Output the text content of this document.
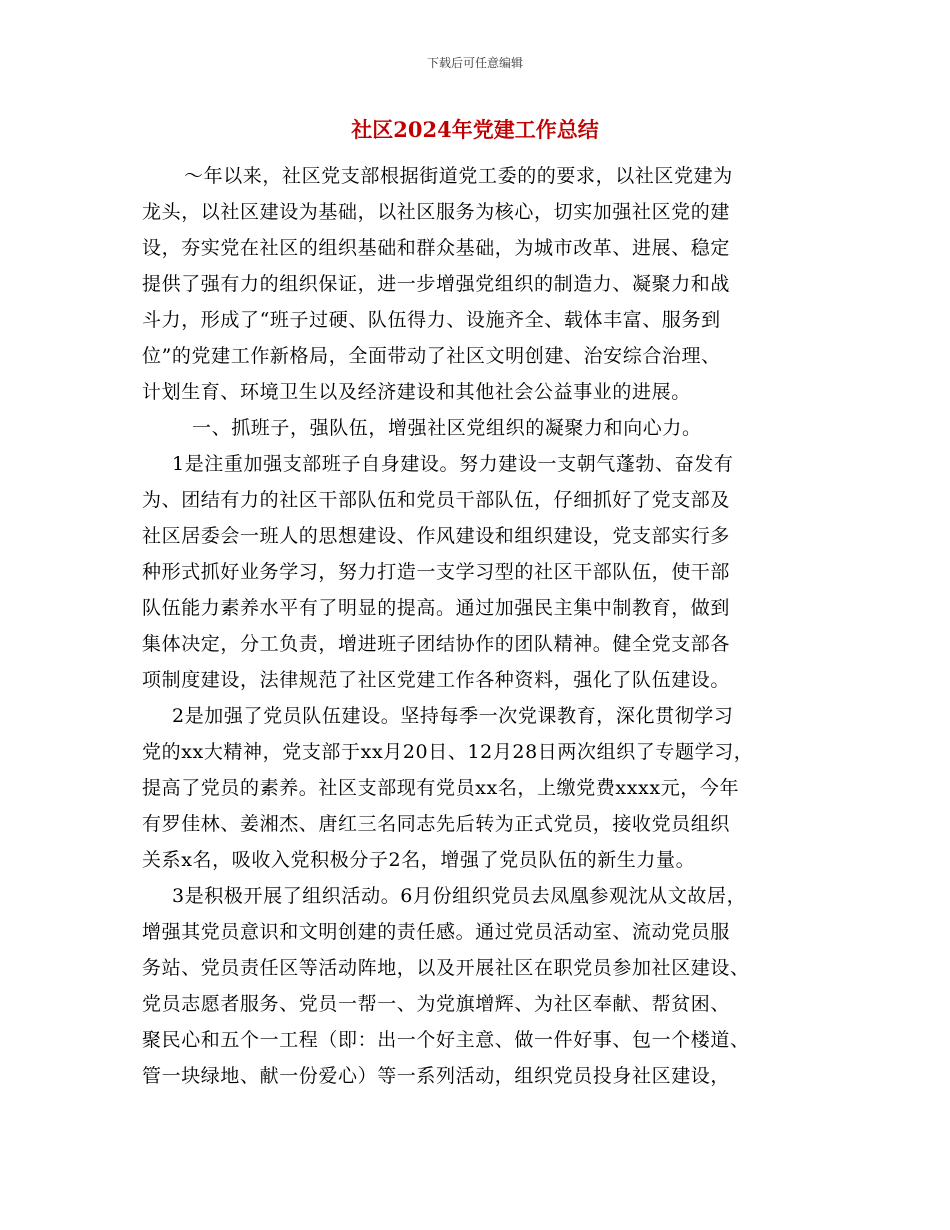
下载后可任意编辑
社区2024年党建工作总结
～年以来，社区党支部根据街道党工委的的要求，以社区党建为
龙头，以社区建设为基础，以社区服务为核心，切实加强社区党的建
设，夯实党在社区的组织基础和群众基础，为城市改革、进展、稳定
提供了强有力的组织保证，进一步增强党组织的制造力、凝聚力和战
斗力，形成了“班子过硬、队伍得力、设施齐全、载体丰富、服务到
位”的党建工作新格局，全面带动了社区文明创建、治安综合治理、
计划生育、环境卫生以及经济建设和其他社会公益事业的进展。
一、抓班子，强队伍，增强社区党组织的凝聚力和向心力。
1是注重加强支部班子自身建设。努力建设一支朝气蓬勃、奋发有
为、团结有力的社区干部队伍和党员干部队伍，仔细抓好了党支部及
社区居委会一班人的思想建设、作风建设和组织建设，党支部实行多
种形式抓好业务学习，努力打造一支学习型的社区干部队伍，使干部
队伍能力素养水平有了明显的提高。通过加强民主集中制教育，做到
集体决定，分工负责，增进班子团结协作的团队精神。健全党支部各
项制度建设，法律规范了社区党建工作各种资料，强化了队伍建设。
2是加强了党员队伍建设。坚持每季一次党课教育，深化贯彻学习
党的xx大精神，党支部于xx月20日、12月28日两次组织了专题学习，
提高了党员的素养。社区支部现有党员xx名，上缴党费xxxx元，今年
有罗佳林、姜湘杰、唐红三名同志先后转为正式党员，接收党员组织
关系x名，吸收入党积极分子2名，增强了党员队伍的新生力量。
3是积极开展了组织活动。6月份组织党员去凤凰参观沈从文故居，
增强其党员意识和文明创建的责任感。通过党员活动室、流动党员服
务站、党员责任区等活动阵地，以及开展社区在职党员参加社区建设、
党员志愿者服务、党员一帮一、为党旗增辉、为社区奉献、帮贫困、
聚民心和五个一工程（即：出一个好主意、做一件好事、包一个楼道、
管一块绿地、献一份爱心）等一系列活动，组织党员投身社区建设，
